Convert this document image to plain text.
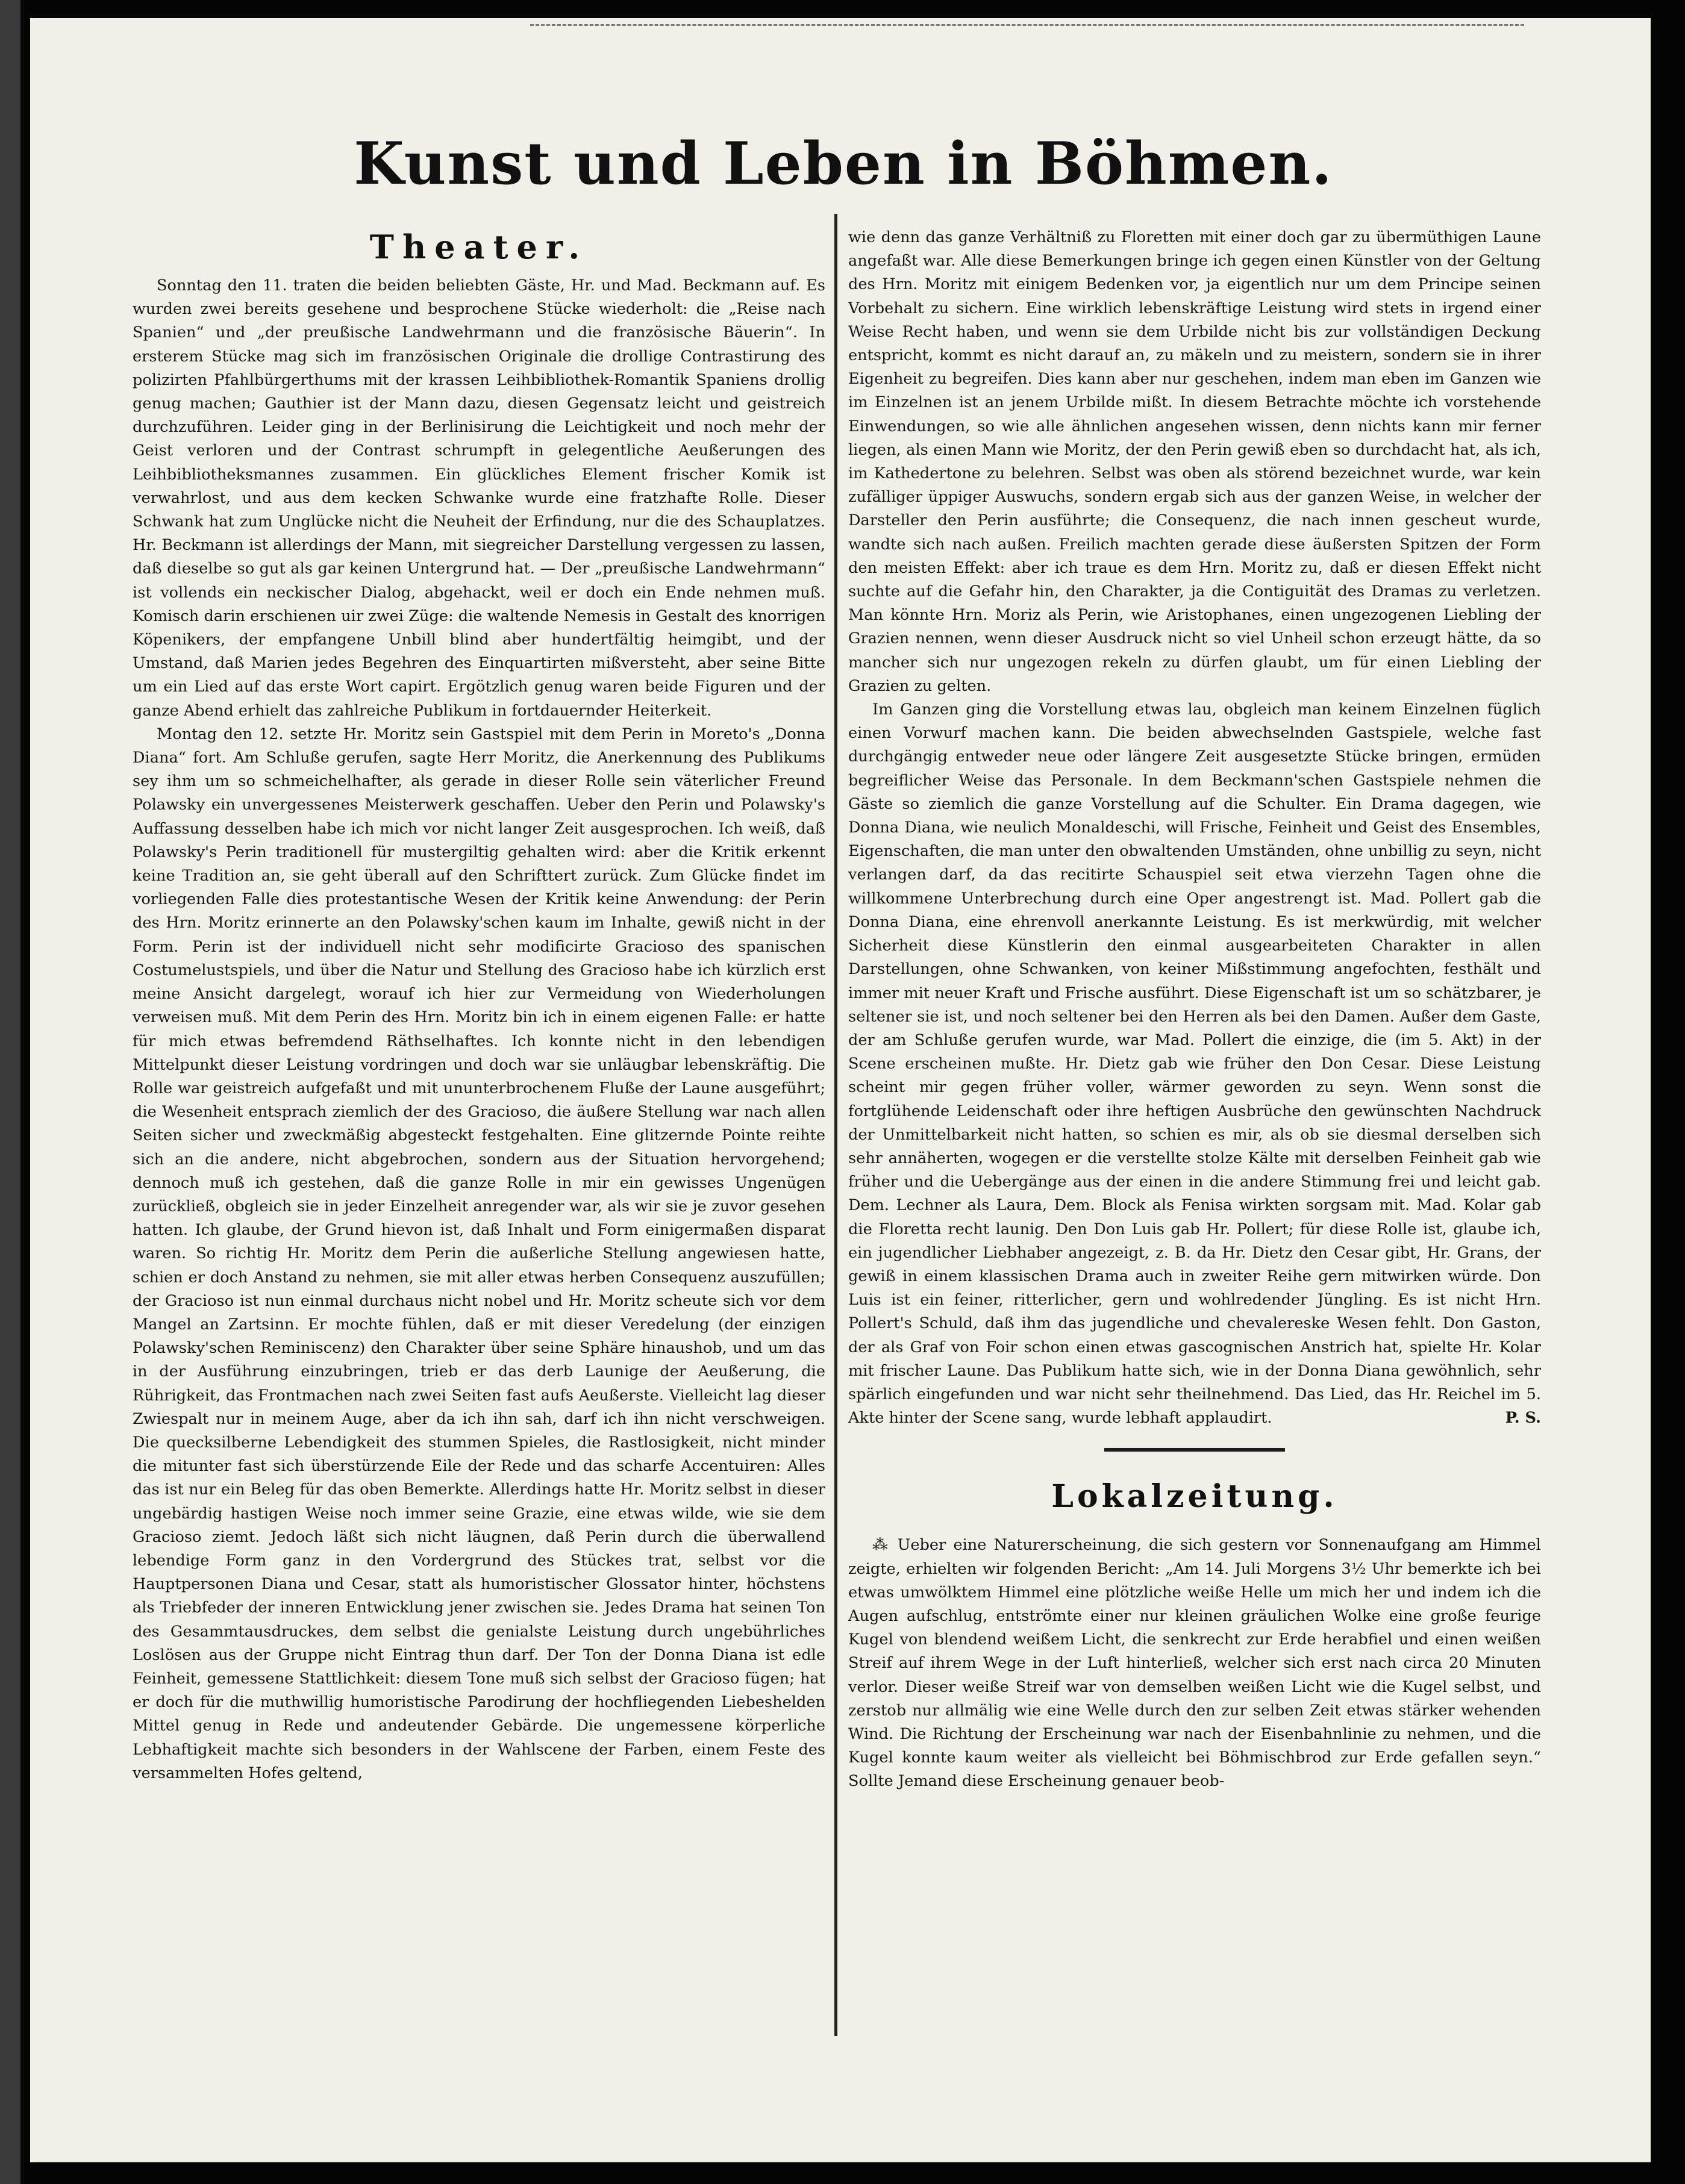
Kunst und Leben in Böhmen.
Theater.

Sonntag den 11. traten die beiden beliebten Gäste, Hr. und Mad. Beckmann auf. Es wurden zwei bereits gesehene und besprochene Stücke wiederholt: die „Reise nach Spanien“ und „der preußische Landwehrmann und die französische Bäuerin“. In ersterem Stücke mag sich im französischen Originale die drollige Contrastirung des polizirten Pfahlbürgerthums mit der krassen Leihbibliothek-Romantik Spaniens drollig genug machen; Gauthier ist der Mann dazu, diesen Gegensatz leicht und geistreich durchzuführen. Leider ging in der Berlinisirung die Leichtigkeit und noch mehr der Geist verloren und der Contrast schrumpft in gelegentliche Aeußerungen des Leihbibliotheksmannes zusammen. Ein glückliches Element frischer Komik ist verwahrlost, und aus dem kecken Schwanke wurde eine fratzhafte Rolle. Dieser Schwank hat zum Unglücke nicht die Neuheit der Erfindung, nur die des Schauplatzes. Hr. Beckmann ist allerdings der Mann, mit siegreicher Darstellung vergessen zu lassen, daß dieselbe so gut als gar keinen Untergrund hat. — Der „preußische Landwehrmann“ ist vollends ein neckischer Dialog, abgehackt, weil er doch ein Ende nehmen muß. Komisch darin erschienen uir zwei Züge: die waltende Nemesis in Gestalt des knorrigen Köpenikers, der empfangene Unbill blind aber hundertfältig heimgibt, und der Umstand, daß Marien jedes Begehren des Einquartirten mißversteht, aber seine Bitte um ein Lied auf das erste Wort capirt. Ergötzlich genug waren beide Figuren und der ganze Abend erhielt das zahlreiche Publikum in fortdauernder Heiterkeit.

Montag den 12. setzte Hr. Moritz sein Gastspiel mit dem Perin in Moreto's „Donna Diana“ fort. Am Schluße gerufen, sagte Herr Moritz, die Anerkennung des Publikums sey ihm um so schmeichelhafter, als gerade in dieser Rolle sein väterlicher Freund Polawsky ein unvergessenes Meisterwerk geschaffen. Ueber den Perin und Polawsky's Auffassung desselben habe ich mich vor nicht langer Zeit ausgesprochen. Ich weiß, daß Polawsky's Perin traditionell für mustergiltig gehalten wird: aber die Kritik erkennt keine Tradition an, sie geht überall auf den Schrifttert zurück. Zum Glücke findet im vorliegenden Falle dies protestantische Wesen der Kritik keine Anwendung: der Perin des Hrn. Moritz erinnerte an den Polawsky'schen kaum im Inhalte, gewiß nicht in der Form. Perin ist der individuell nicht sehr modificirte Gracioso des spanischen Costumelustspiels, und über die Natur und Stellung des Gracioso habe ich kürzlich erst meine Ansicht dargelegt, worauf ich hier zur Vermeidung von Wiederholungen verweisen muß. Mit dem Perin des Hrn. Moritz bin ich in einem eigenen Falle: er hatte für mich etwas befremdend Räthselhaftes. Ich konnte nicht in den lebendigen Mittelpunkt dieser Leistung vordringen und doch war sie unläugbar lebenskräftig. Die Rolle war geistreich aufgefaßt und mit ununterbrochenem Fluße der Laune ausgeführt; die Wesenheit entsprach ziemlich der des Gracioso, die äußere Stellung war nach allen Seiten sicher und zweckmäßig abgesteckt festgehalten. Eine glitzernde Pointe reihte sich an die andere, nicht abgebrochen, sondern aus der Situation hervorgehend; dennoch muß ich gestehen, daß die ganze Rolle in mir ein gewisses Ungenügen zurückließ, obgleich sie in jeder Einzelheit anregender war, als wir sie je zuvor gesehen hatten. Ich glaube, der Grund hievon ist, daß Inhalt und Form einigermaßen disparat waren. So richtig Hr. Moritz dem Perin die außerliche Stellung angewiesen hatte, schien er doch Anstand zu nehmen, sie mit aller etwas herben Consequenz auszufüllen; der Gracioso ist nun einmal durchaus nicht nobel und Hr. Moritz scheute sich vor dem Mangel an Zartsinn. Er mochte fühlen, daß er mit dieser Veredelung (der einzigen Polawsky'schen Reminiscenz) den Charakter über seine Sphäre hinaushob, und um das in der Ausführung einzubringen, trieb er das derb Launige der Aeußerung, die Rührigkeit, das Frontmachen nach zwei Seiten fast aufs Aeußerste. Vielleicht lag dieser Zwiespalt nur in meinem Auge, aber da ich ihn sah, darf ich ihn nicht verschweigen. Die quecksilberne Lebendigkeit des stummen Spieles, die Rastlosigkeit, nicht minder die mitunter fast sich überstürzende Eile der Rede und das scharfe Accentuiren: Alles das ist nur ein Beleg für das oben Bemerkte. Allerdings hatte Hr. Moritz selbst in dieser ungebärdig hastigen Weise noch immer seine Grazie, eine etwas wilde, wie sie dem Gracioso ziemt. Jedoch läßt sich nicht läugnen, daß Perin durch die überwallend lebendige Form ganz in den Vordergrund des Stückes trat, selbst vor die Hauptpersonen Diana und Cesar, statt als humoristischer Glossator hinter, höchstens als Triebfeder der inneren Entwicklung jener zwischen sie. Jedes Drama hat seinen Ton des Gesammtausdruckes, dem selbst die genialste Leistung durch ungebührliches Loslösen aus der Gruppe nicht Eintrag thun darf. Der Ton der Donna Diana ist edle Feinheit, gemessene Stattlichkeit: diesem Tone muß sich selbst der Gracioso fügen; hat er doch für die muthwillig humoristische Parodirung der hochfliegenden Liebeshelden Mittel genug in Rede und andeutender Gebärde. Die ungemessene körperliche Lebhaftigkeit machte sich besonders in der Wahlscene der Farben, einem Feste des versammelten Hofes geltend,

wie denn das ganze Verhältniß zu Floretten mit einer doch gar zu übermüthigen Laune angefaßt war. Alle diese Bemerkungen bringe ich gegen einen Künstler von der Geltung des Hrn. Moritz mit einigem Bedenken vor, ja eigentlich nur um dem Principe seinen Vorbehalt zu sichern. Eine wirklich lebenskräftige Leistung wird stets in irgend einer Weise Recht haben, und wenn sie dem Urbilde nicht bis zur vollständigen Deckung entspricht, kommt es nicht darauf an, zu mäkeln und zu meistern, sondern sie in ihrer Eigenheit zu begreifen. Dies kann aber nur geschehen, indem man eben im Ganzen wie im Einzelnen ist an jenem Urbilde mißt. In diesem Betrachte möchte ich vorstehende Einwendungen, so wie alle ähnlichen angesehen wissen, denn nichts kann mir ferner liegen, als einen Mann wie Moritz, der den Perin gewiß eben so durchdacht hat, als ich, im Kathedertone zu belehren. Selbst was oben als störend bezeichnet wurde, war kein zufälliger üppiger Auswuchs, sondern ergab sich aus der ganzen Weise, in welcher der Darsteller den Perin ausführte; die Consequenz, die nach innen gescheut wurde, wandte sich nach außen. Freilich machten gerade diese äußersten Spitzen der Form den meisten Effekt: aber ich traue es dem Hrn. Moritz zu, daß er diesen Effekt nicht suchte auf die Gefahr hin, den Charakter, ja die Contiguität des Dramas zu verletzen. Man könnte Hrn. Moriz als Perin, wie Aristophanes, einen ungezogenen Liebling der Grazien nennen, wenn dieser Ausdruck nicht so viel Unheil schon erzeugt hätte, da so mancher sich nur ungezogen rekeln zu dürfen glaubt, um für einen Liebling der Grazien zu gelten.

Im Ganzen ging die Vorstellung etwas lau, obgleich man keinem Einzelnen füglich einen Vorwurf machen kann. Die beiden abwechselnden Gastspiele, welche fast durchgängig entweder neue oder längere Zeit ausgesetzte Stücke bringen, ermüden begreiflicher Weise das Personale. In dem Beckmann'schen Gastspiele nehmen die Gäste so ziemlich die ganze Vorstellung auf die Schulter. Ein Drama dagegen, wie Donna Diana, wie neulich Monaldeschi, will Frische, Feinheit und Geist des Ensembles, Eigenschaften, die man unter den obwaltenden Umständen, ohne unbillig zu seyn, nicht verlangen darf, da das recitirte Schauspiel seit etwa vierzehn Tagen ohne die willkommene Unterbrechung durch eine Oper angestrengt ist. Mad. Pollert gab die Donna Diana, eine ehrenvoll anerkannte Leistung. Es ist merkwürdig, mit welcher Sicherheit diese Künstlerin den einmal ausgearbeiteten Charakter in allen Darstellungen, ohne Schwanken, von keiner Mißstimmung angefochten, festhält und immer mit neuer Kraft und Frische ausführt. Diese Eigenschaft ist um so schätzbarer, je seltener sie ist, und noch seltener bei den Herren als bei den Damen. Außer dem Gaste, der am Schluße gerufen wurde, war Mad. Pollert die einzige, die (im 5. Akt) in der Scene erscheinen mußte. Hr. Dietz gab wie früher den Don Cesar. Diese Leistung scheint mir gegen früher voller, wärmer geworden zu seyn. Wenn sonst die fortglühende Leidenschaft oder ihre heftigen Ausbrüche den gewünschten Nachdruck der Unmittelbarkeit nicht hatten, so schien es mir, als ob sie diesmal derselben sich sehr annäherten, wogegen er die verstellte stolze Kälte mit derselben Feinheit gab wie früher und die Uebergänge aus der einen in die andere Stimmung frei und leicht gab. Dem. Lechner als Laura, Dem. Block als Fenisa wirkten sorgsam mit. Mad. Kolar gab die Floretta recht launig. Den Don Luis gab Hr. Pollert; für diese Rolle ist, glaube ich, ein jugendlicher Liebhaber angezeigt, z. B. da Hr. Dietz den Cesar gibt, Hr. Grans, der gewiß in einem klassischen Drama auch in zweiter Reihe gern mitwirken würde. Don Luis ist ein feiner, ritterlicher, gern und wohlredender Jüngling. Es ist nicht Hrn. Pollert's Schuld, daß ihm das jugendliche und chevalereske Wesen fehlt. Don Gaston, der als Graf von Foir schon einen etwas gascognischen Anstrich hat, spielte Hr. Kolar mit frischer Laune. Das Publikum hatte sich, wie in der Donna Diana gewöhnlich, sehr spärlich eingefunden und war nicht sehr theilnehmend. Das Lied, das Hr. Reichel im 5. Akte hinter der Scene sang, wurde lebhaft applaudirt.	P. S.

Lokalzeitung.

⁂ Ueber eine Naturerscheinung, die sich gestern vor Sonnenaufgang am Himmel zeigte, erhielten wir folgenden Bericht: „Am 14. Juli Morgens 3½ Uhr bemerkte ich bei etwas umwölktem Himmel eine plötzliche weiße Helle um mich her und indem ich die Augen aufschlug, entströmte einer nur kleinen gräulichen Wolke eine große feurige Kugel von blendend weißem Licht, die senkrecht zur Erde herabfiel und einen weißen Streif auf ihrem Wege in der Luft hinterließ, welcher sich erst nach circa 20 Minuten verlor. Dieser weiße Streif war von demselben weißen Licht wie die Kugel selbst, und zerstob nur allmälig wie eine Welle durch den zur selben Zeit etwas stärker wehenden Wind. Die Richtung der Erscheinung war nach der Eisenbahnlinie zu nehmen, und die Kugel konnte kaum weiter als vielleicht bei Böhmischbrod zur Erde gefallen seyn.“ Sollte Jemand diese Erscheinung genauer beob-
